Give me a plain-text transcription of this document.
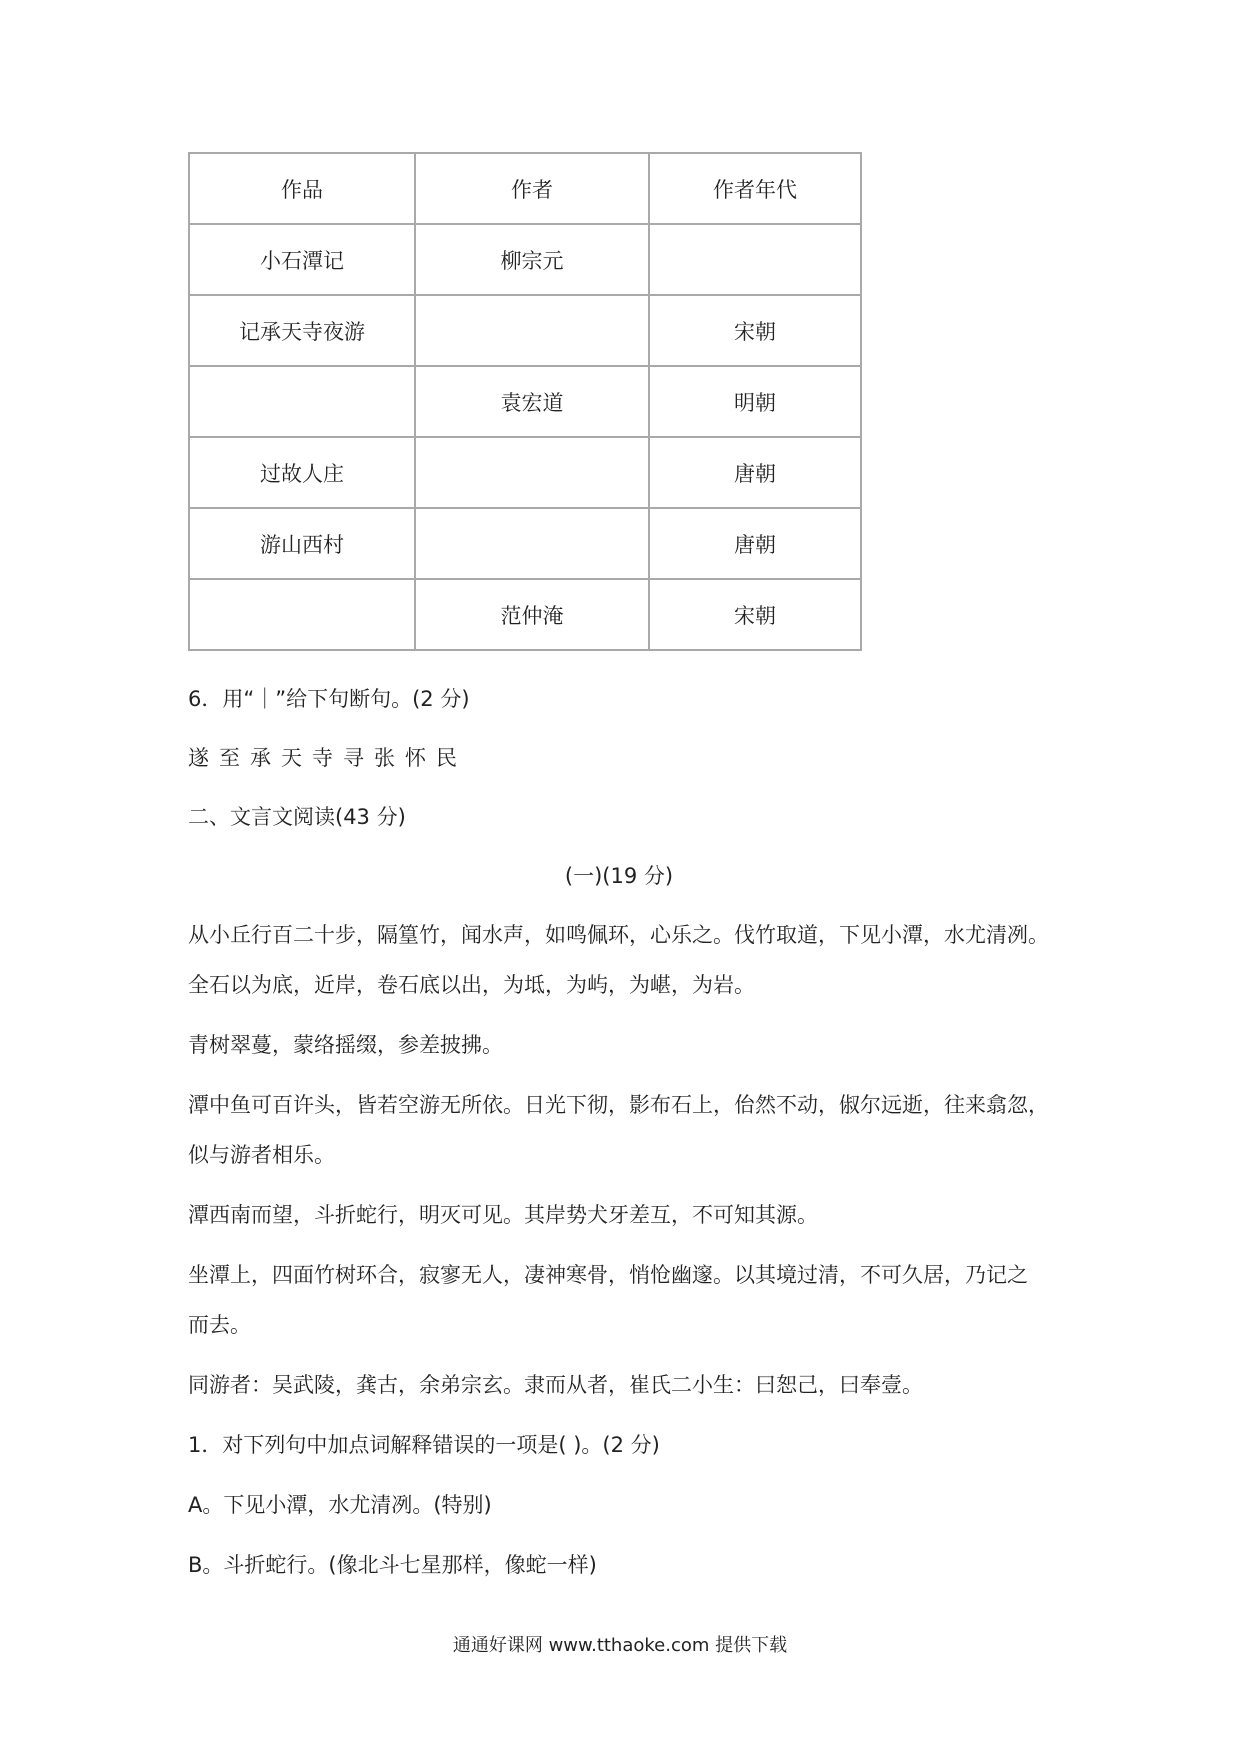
作品	作者	作者年代
小石潭记	柳宗元	
记承天寺夜游		宋朝
	袁宏道	明朝
过故人庄		唐朝
游山西村		唐朝
	范仲淹	宋朝
6．用“｜”给下句断句。(2 分)
遂至承天寺寻张怀民
二、文言文阅读(43 分)
(一)(19 分)
从小丘行百二十步，隔篁竹，闻水声，如鸣佩环，心乐之。伐竹取道，下见小潭，水尤清冽。
全石以为底，近岸，卷石底以出，为坻，为屿，为嵁，为岩。
青树翠蔓，蒙络摇缀，参差披拂。
潭中鱼可百许头，皆若空游无所依。日光下彻，影布石上，佁然不动，俶尔远逝，往来翕忽，
似与游者相乐。
潭西南而望，斗折蛇行，明灭可见。其岸势犬牙差互，不可知其源。
坐潭上，四面竹树环合，寂寥无人，凄神寒骨，悄怆幽邃。以其境过清，不可久居，乃记之
而去。
同游者：吴武陵，龚古，余弟宗玄。隶而从者，崔氏二小生：曰恕己，曰奉壹。
1．对下列句中加点词解释错误的一项是( )。(2 分)
A。下见小潭，水尤清冽。(特别)
B。斗折蛇行。(像北斗七星那样，像蛇一样)
通通好课网 www.tthaoke.com 提供下载
